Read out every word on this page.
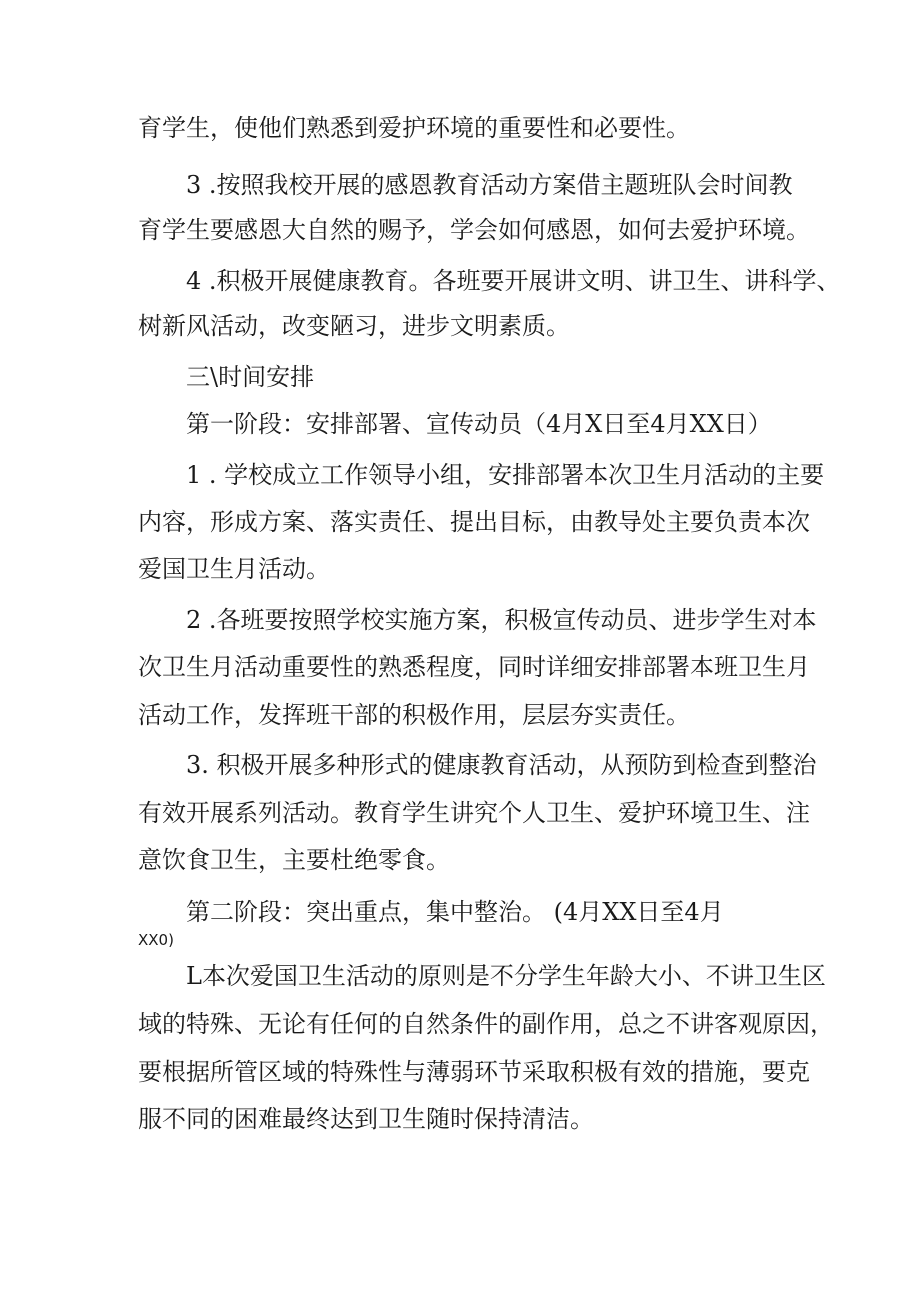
育学生，使他们熟悉到爱护环境的重要性和必要性。

3 .按照我校开展的感恩教育活动方案借主题班队会时间教

育学生要感恩大自然的赐予，学会如何感恩，如何去爱护环境。

4 .积极开展健康教育。各班要开展讲文明、讲卫生、讲科学、

树新风活动，改变陋习，进步文明素质。

三\时间安排

第一阶段：安排部署、宣传动员（4月X日至4月XX日）

1 . 学校成立工作领导小组，安排部署本次卫生月活动的主要

内容，形成方案、落实责任、提出目标，由教导处主要负责本次

爱国卫生月活动。

2 .各班要按照学校实施方案，积极宣传动员、进步学生对本

次卫生月活动重要性的熟悉程度，同时详细安排部署本班卫生月

活动工作，发挥班干部的积极作用，层层夯实责任。

3. 积极开展多种形式的健康教育活动，从预防到检查到整治

有效开展系列活动。教育学生讲究个人卫生、爱护环境卫生、注

意饮食卫生，主要杜绝零食。

第二阶段：突出重点，集中整治。 (4月XX日至4月

XX0)

L本次爱国卫生活动的原则是不分学生年龄大小、不讲卫生区

域的特殊、无论有任何的自然条件的副作用，总之不讲客观原因，

要根据所管区域的特殊性与薄弱环节采取积极有效的措施，要克

服不同的困难最终达到卫生随时保持清洁。
